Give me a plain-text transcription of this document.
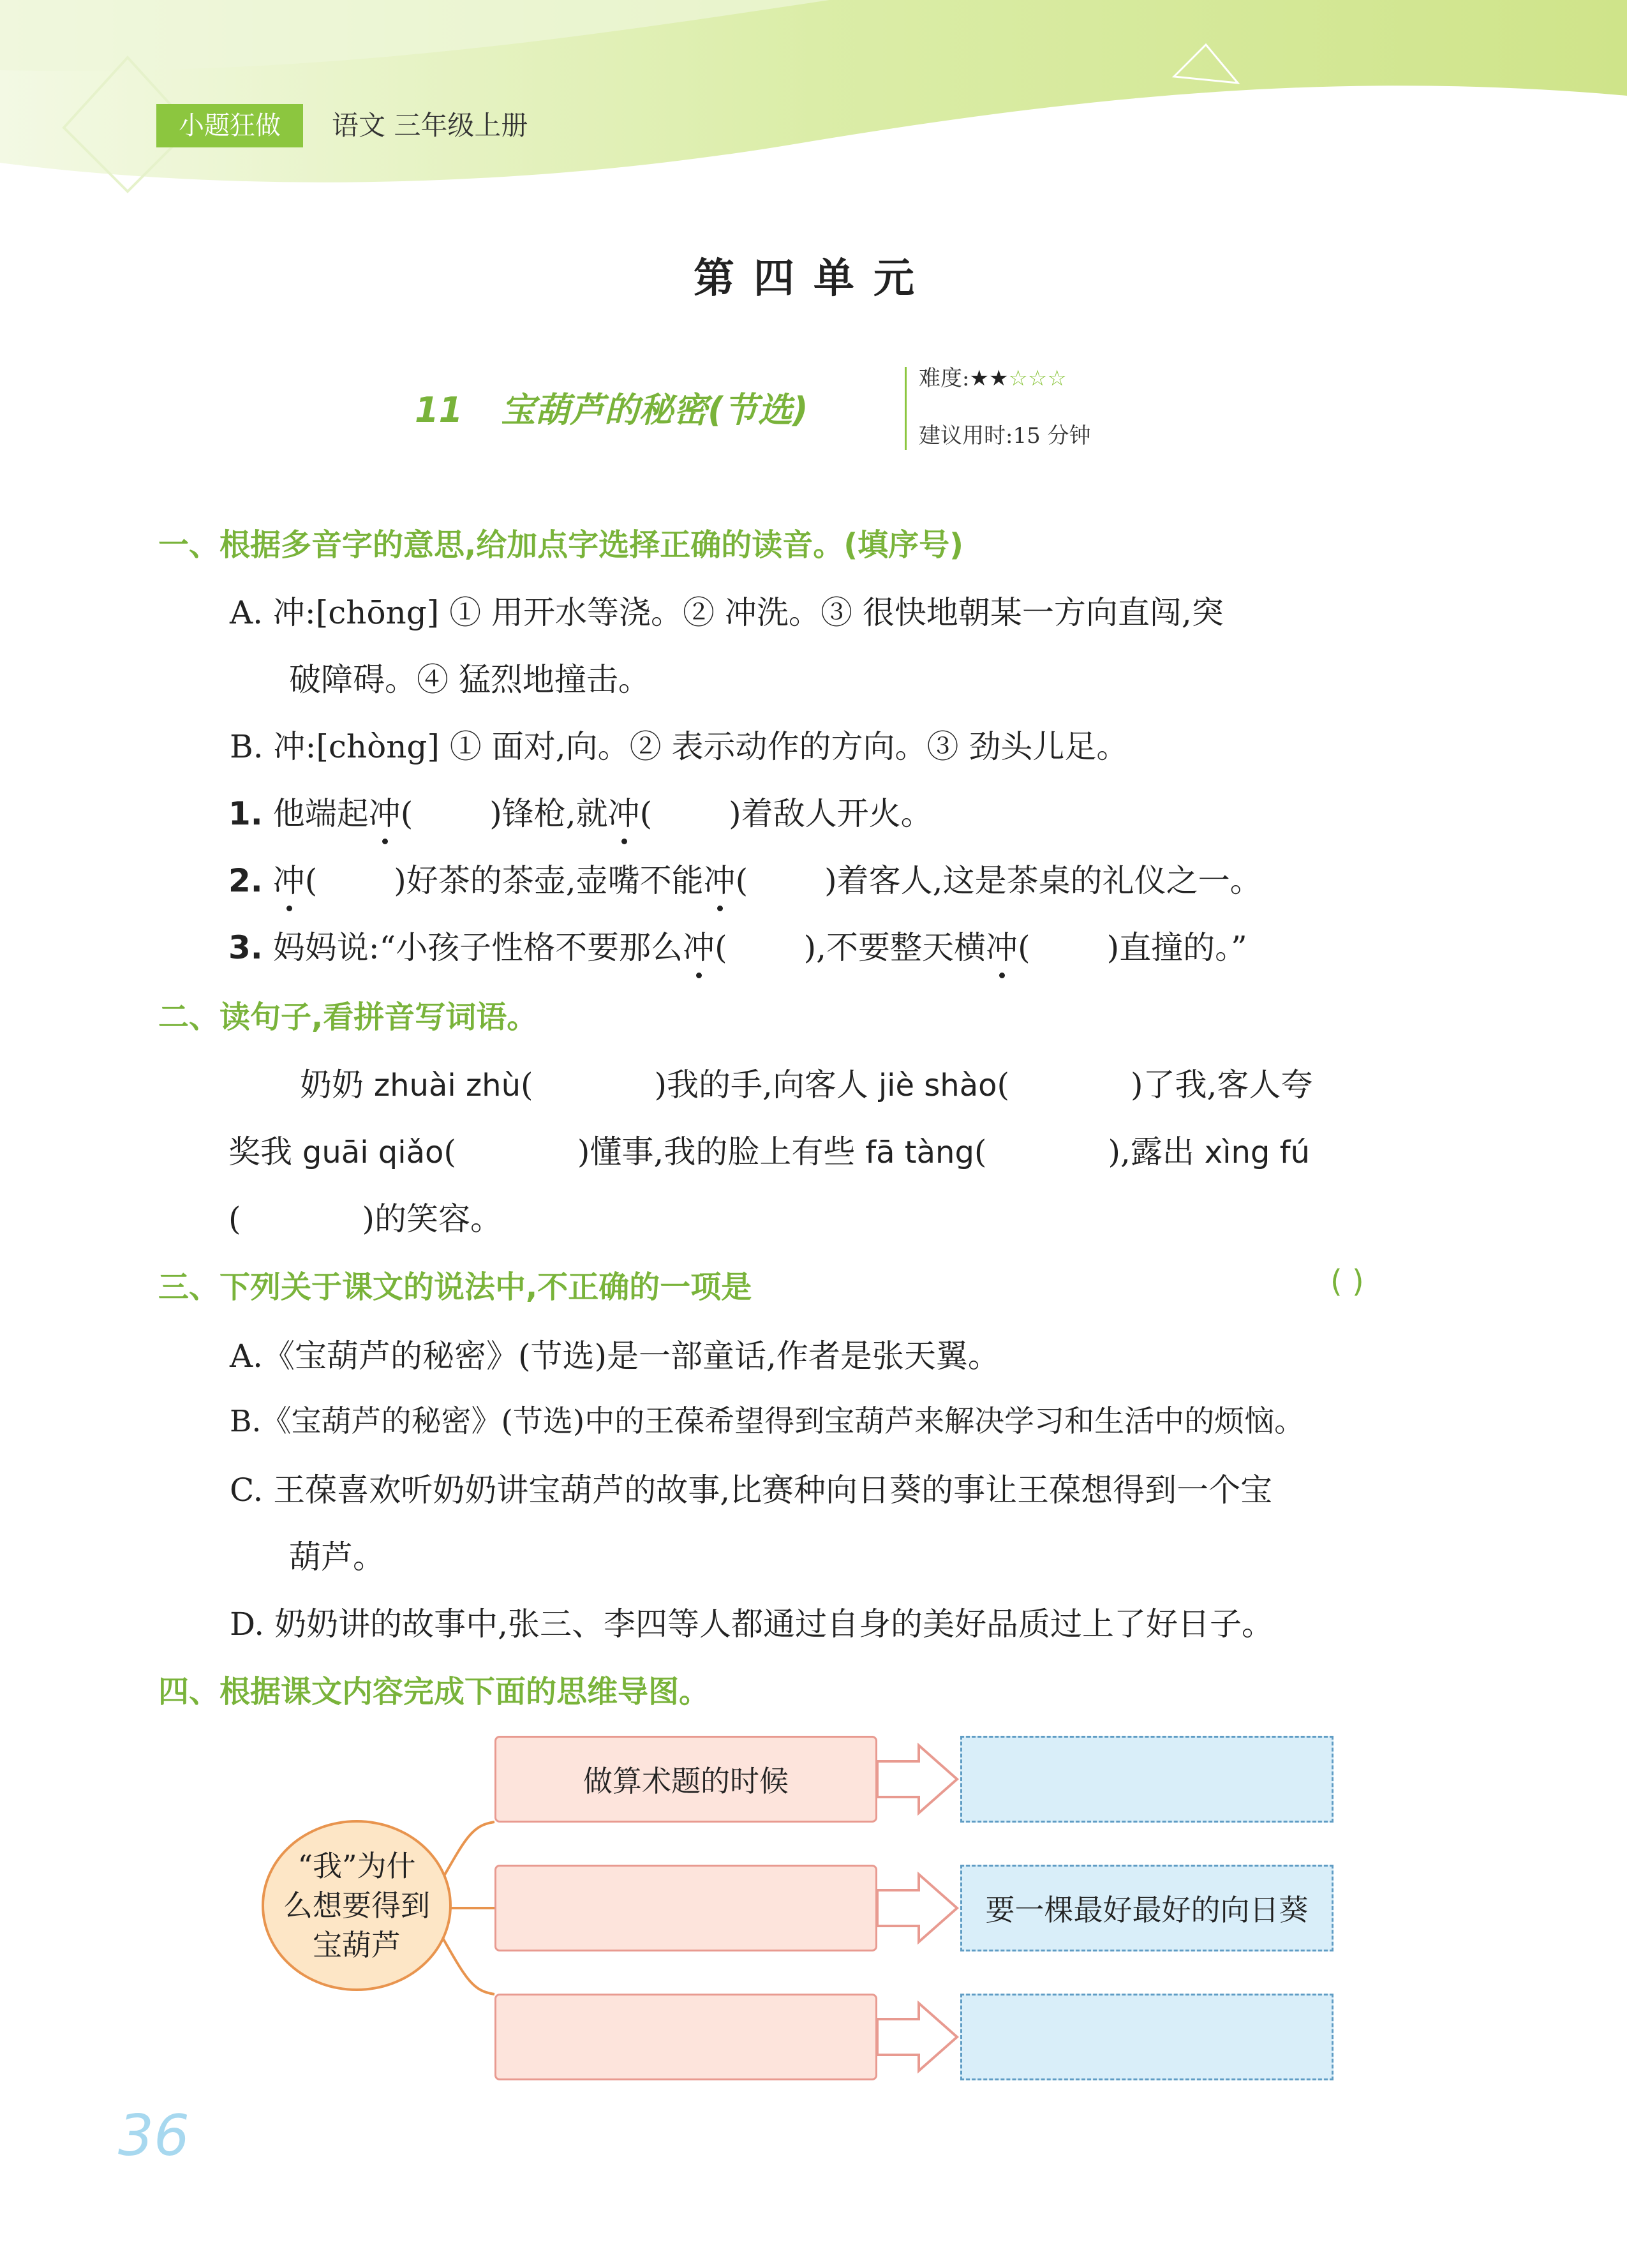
小题狂做	语文 三年级上册
第四单元
11 宝葫芦的秘密(节选)
难度:★★☆☆☆
建议用时:15 分钟
一、根据多音字的意思,给加点字选择正确的读音。(填序号)
A. 冲:[chōng] ① 用开水等浇。② 冲洗。③ 很快地朝某一方向直闯,突
破障碍。④ 猛烈地撞击。
B. 冲:[chòng] ① 面对,向。② 表示动作的方向。③ 劲头儿足。
1. 他端起冲( )锋枪,就冲( )着敌人开火。
2. 冲( )好茶的茶壶,壶嘴不能冲( )着客人,这是茶桌的礼仪之一。
3. 妈妈说:“小孩子性格不要那么冲( ),不要整天横冲( )直撞的。”
二、读句子,看拼音写词语。
奶奶 zhuài zhù(	)我的手,向客人 jiè shào(	)了我,客人夸
奖我 guāi qiǎo(	)懂事,我的脸上有些 fā tàng(	),露出 xìng fú
(	)的笑容。
三、下列关于课文的说法中,不正确的一项是	( )
A.《宝葫芦的秘密》(节选)是一部童话,作者是张天翼。
B.《宝葫芦的秘密》(节选)中的王葆希望得到宝葫芦来解决学习和生活中的烦恼。
C. 王葆喜欢听奶奶讲宝葫芦的故事,比赛种向日葵的事让王葆想得到一个宝
葫芦。
D. 奶奶讲的故事中,张三、李四等人都通过自身的美好品质过上了好日子。
四、根据课文内容完成下面的思维导图。
“我”为什
么想要得到
宝葫芦
做算术题的时候
要一棵最好最好的向日葵
36
